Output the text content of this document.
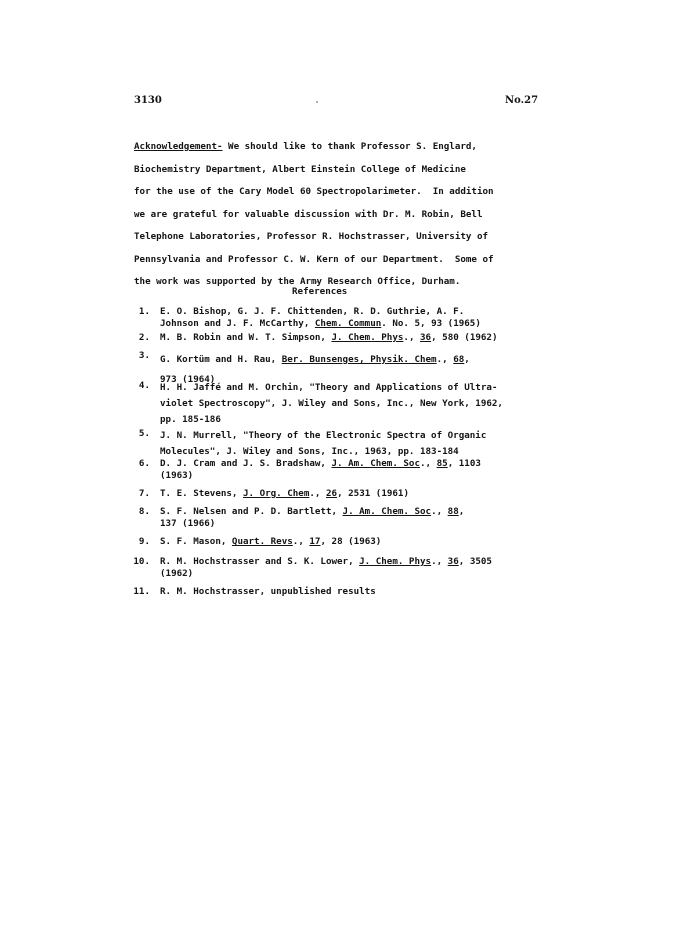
3130	No.27
Acknowledgement- We should like to thank Professor S. Englard,
Biochemistry Department, Albert Einstein College of Medicine
for the use of the Cary Model 60 Spectropolarimeter.  In addition
we are grateful for valuable discussion with Dr. M. Robin, Bell
Telephone Laboratories, Professor R. Hochstrasser, University of
Pennsylvania and Professor C. W. Kern of our Department.  Some of
the work was supported by the Army Research Office, Durham.
References
1. E. O. Bishop, G. J. F. Chittenden, R. D. Guthrie, A. F.
Johnson and J. F. McCarthy, Chem. Commun. No. 5, 93 (1965)
2. M. B. Robin and W. T. Simpson, J. Chem. Phys., 36, 580 (1962)
3. G. Kortüm and H. Rau, Ber. Bunsenges, Physik. Chem., 68,
973 (1964)
4. H. H. Jaffé and M. Orchin, "Theory and Applications of Ultra-
violet Spectroscopy", J. Wiley and Sons, Inc., New York, 1962,
pp. 185-186
5. J. N. Murrell, "Theory of the Electronic Spectra of Organic
Molecules", J. Wiley and Sons, Inc., 1963, pp. 183-184
6. D. J. Cram and J. S. Bradshaw, J. Am. Chem. Soc., 85, 1103
(1963)
7. T. E. Stevens, J. Org. Chem., 26, 2531 (1961)
8. S. F. Nelsen and P. D. Bartlett, J. Am. Chem. Soc., 88,
137 (1966)
9. S. F. Mason, Quart. Revs., 17, 28 (1963)
10. R. M. Hochstrasser and S. K. Lower, J. Chem. Phys., 36, 3505
(1962)
11. R. M. Hochstrasser, unpublished results
